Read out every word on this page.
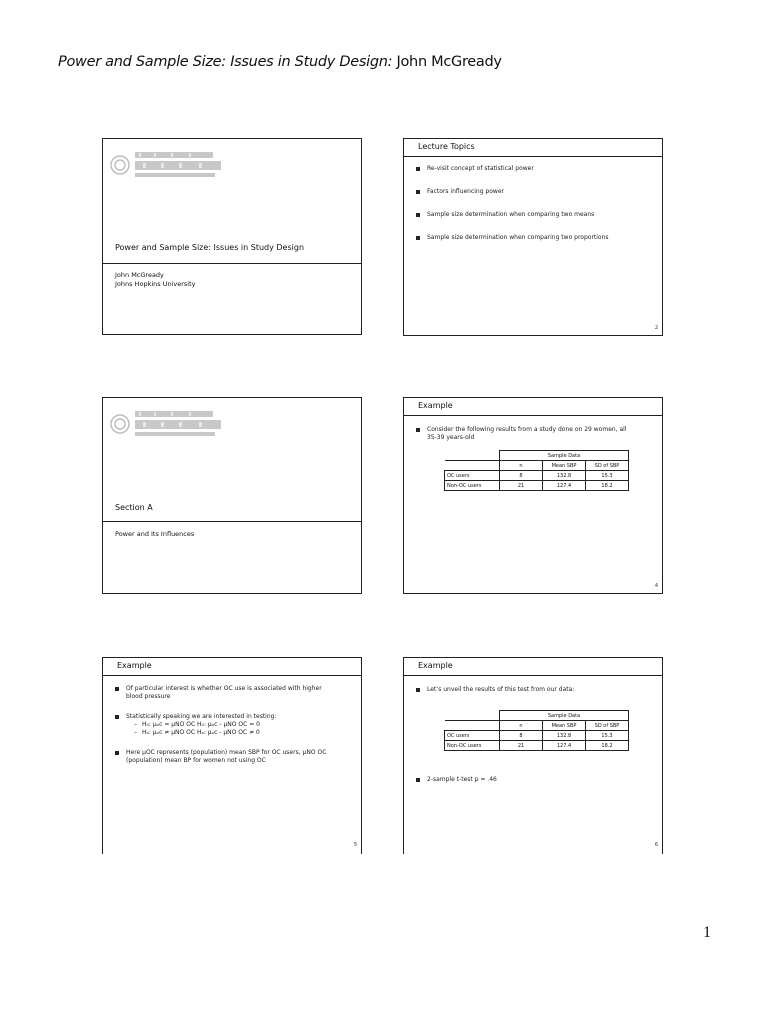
Power and Sample Size: Issues in Study Design: John McGready
Power and Sample Size: Issues in Study Design
John McGready
Johns Hopkins University
Lecture Topics
Re-visit concept of statistical power
Factors influencing power
Sample size determination when comparing two means
Sample size determination when comparing two proportions
2
Section A
Power and Its Influences
Example
Consider the following results from a study done on 29 women, all
35-39 years-old
	Sample Data		
	n	Mean SBP	SD of SBP
OC users	8	132.8	15.3
Non-OC users	21	127.4	18.2
4
Example
Of particular interest is whether OC use is associated with higher
blood pressure
Statistically speaking we are interested in testing:
– H₀: μₒc = μNO OC H₀: μₒc - μNO OC = 0
– Hₐ: μₒc ≠ μNO OC Hₐ: μₒc - μNO OC ≠ 0
Here μOC represents (population) mean SBP for OC users, μNO OC
(population) mean BP for women not using OC
5
Example
Let’s unveil the results of this test from our data:
	Sample Data		
	n	Mean SBP	SD of SBP
OC users	8	132.8	15.3
Non-OC users	21	127.4	18.2
2-sample t-test p = .46
6
1
